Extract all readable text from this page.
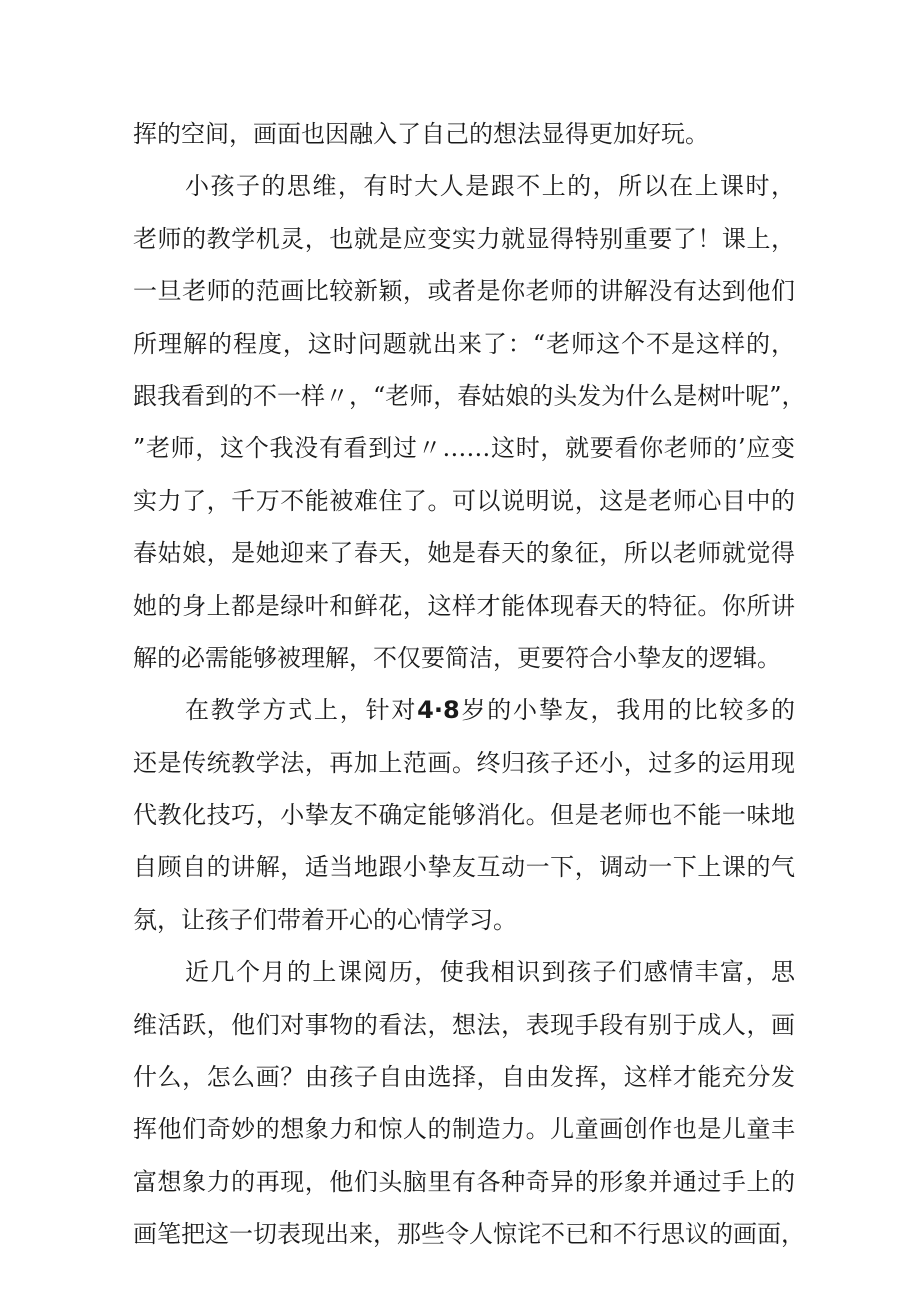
挥的空间，画面也因融入了自己的想法显得更加好玩。
小孩子的思维，有时大人是跟不上的，所以在上课时，
老师的教学机灵，也就是应变实力就显得特别重要了！课上，
一旦老师的范画比较新颖，或者是你老师的讲解没有达到他们
所理解的程度，这时问题就出来了：“老师这个不是这样的，
跟我看到的不一样〃，“老师，春姑娘的头发为什么是树叶呢”，
”老师，这个我没有看到过〃……这时，就要看你老师的’应变
实力了，千万不能被难住了。可以说明说，这是老师心目中的
春姑娘，是她迎来了春天，她是春天的象征，所以老师就觉得
她的身上都是绿叶和鲜花，这样才能体现春天的特征。你所讲
解的必需能够被理解，不仅要简洁，更要符合小挚友的逻辑。
在教学方式上，针对4·8岁的小挚友，我用的比较多的
还是传统教学法，再加上范画。终归孩子还小，过多的运用现
代教化技巧，小挚友不确定能够消化。但是老师也不能一味地
自顾自的讲解，适当地跟小挚友互动一下，调动一下上课的气
氛，让孩子们带着开心的心情学习。
近几个月的上课阅历，使我相识到孩子们感情丰富，思
维活跃，他们对事物的看法，想法，表现手段有别于成人，画
什么，怎么画？由孩子自由选择，自由发挥，这样才能充分发
挥他们奇妙的想象力和惊人的制造力。儿童画创作也是儿童丰
富想象力的再现，他们头脑里有各种奇异的形象并通过手上的
画笔把这一切表现出来，那些令人惊诧不已和不行思议的画面，
